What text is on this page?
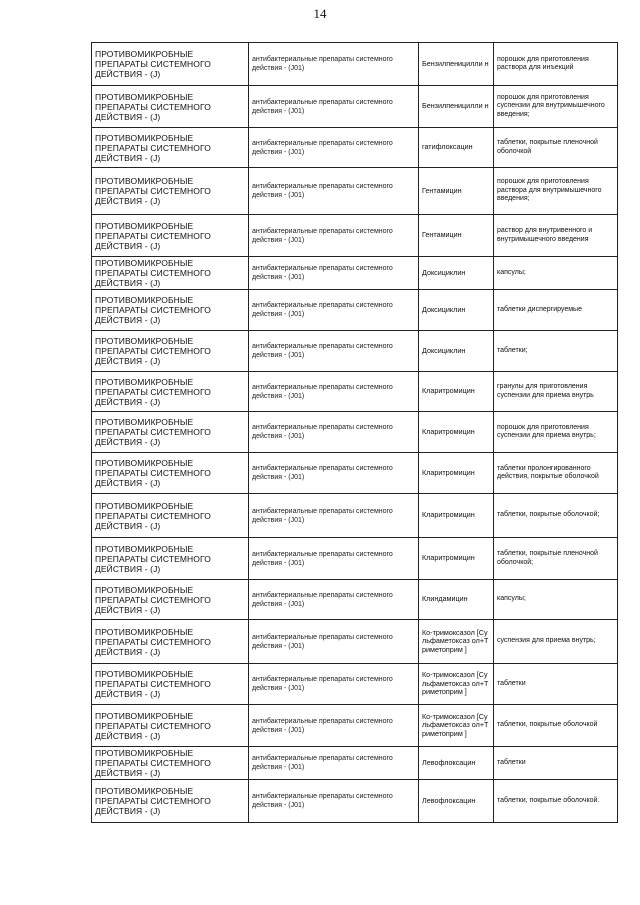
14
ПРОТИВОМИКРОБНЫЕ ПРЕПАРАТЫ СИСТЕМНОГО ДЕЙСТВИЯ - (J)	антибактериальные препараты системного действия - (J01)	Бензилпеницилли н	порошок для приготовления раствора для инъекций
ПРОТИВОМИКРОБНЫЕ ПРЕПАРАТЫ СИСТЕМНОГО ДЕЙСТВИЯ - (J)	антибактериальные препараты системного действия - (J01)	Бензилпеницилли н	порошок для приготовления суспензии для внутримышечного введения;
ПРОТИВОМИКРОБНЫЕ ПРЕПАРАТЫ СИСТЕМНОГО ДЕЙСТВИЯ - (J)	антибактериальные препараты системного действия - (J01)	гатифлоксацин	таблетки, покрытые пленочной оболочкой
ПРОТИВОМИКРОБНЫЕ ПРЕПАРАТЫ СИСТЕМНОГО ДЕЙСТВИЯ - (J)	антибактериальные препараты системного действия - (J01)	Гентамицин	порошок для приготовления раствора для внутримышечного введения;
ПРОТИВОМИКРОБНЫЕ ПРЕПАРАТЫ СИСТЕМНОГО ДЕЙСТВИЯ - (J)	антибактериальные препараты системного действия - (J01)	Гентамицин	раствор для внутривенного и внутримышечного введения
ПРОТИВОМИКРОБНЫЕ ПРЕПАРАТЫ СИСТЕМНОГО ДЕЙСТВИЯ - (J)	антибактериальные препараты системного действия - (J01)	Доксициклин	капсулы;
ПРОТИВОМИКРОБНЫЕ ПРЕПАРАТЫ СИСТЕМНОГО ДЕЙСТВИЯ - (J)	антибактериальные препараты системного действия - (J01)	Доксициклин	таблетки диспергируемые
ПРОТИВОМИКРОБНЫЕ ПРЕПАРАТЫ СИСТЕМНОГО ДЕЙСТВИЯ - (J)	антибактериальные препараты системного действия - (J01)	Доксициклин	таблетки;
ПРОТИВОМИКРОБНЫЕ ПРЕПАРАТЫ СИСТЕМНОГО ДЕЙСТВИЯ - (J)	антибактериальные препараты системного действия - (J01)	Кларитромицин	гранулы для приготовления суспензии для приема внутрь
ПРОТИВОМИКРОБНЫЕ ПРЕПАРАТЫ СИСТЕМНОГО ДЕЙСТВИЯ - (J)	антибактериальные препараты системного действия - (J01)	Кларитромицин	порошок для приготовления суспензии для приема внутрь;
ПРОТИВОМИКРОБНЫЕ ПРЕПАРАТЫ СИСТЕМНОГО ДЕЙСТВИЯ - (J)	антибактериальные препараты системного действия - (J01)	Кларитромицин	таблетки пролонгированного действия, покрытые оболочкой
ПРОТИВОМИКРОБНЫЕ ПРЕПАРАТЫ СИСТЕМНОГО ДЕЙСТВИЯ - (J)	антибактериальные препараты системного действия - (J01)	Кларитромицин	таблетки, покрытые оболочкой;
ПРОТИВОМИКРОБНЫЕ ПРЕПАРАТЫ СИСТЕМНОГО ДЕЙСТВИЯ - (J)	антибактериальные препараты системного действия - (J01)	Кларитромицин	таблетки, покрытые пленочной оболочкой;
ПРОТИВОМИКРОБНЫЕ ПРЕПАРАТЫ СИСТЕМНОГО ДЕЙСТВИЯ - (J)	антибактериальные препараты системного действия - (J01)	Клиндамицин	капсулы;
ПРОТИВОМИКРОБНЫЕ ПРЕПАРАТЫ СИСТЕМНОГО ДЕЙСТВИЯ - (J)	антибактериальные препараты системного действия - (J01)	Ко-тримоксазол [Сульфаметоксаз ол+Триметоприм ]	суспензия для приема внутрь;
ПРОТИВОМИКРОБНЫЕ ПРЕПАРАТЫ СИСТЕМНОГО ДЕЙСТВИЯ - (J)	антибактериальные препараты системного действия - (J01)	Ко-тримоксазол [Сульфаметоксаз ол+Триметоприм ]	таблетки
ПРОТИВОМИКРОБНЫЕ ПРЕПАРАТЫ СИСТЕМНОГО ДЕЙСТВИЯ - (J)	антибактериальные препараты системного действия - (J01)	Ко-тримоксазол [Сульфаметоксаз ол+Триметоприм ]	таблетки, покрытые оболочкой
ПРОТИВОМИКРОБНЫЕ ПРЕПАРАТЫ СИСТЕМНОГО ДЕЙСТВИЯ - (J)	антибактериальные препараты системного действия - (J01)	Левофлоксацин	таблетки
ПРОТИВОМИКРОБНЫЕ ПРЕПАРАТЫ СИСТЕМНОГО ДЕЙСТВИЯ - (J)	антибактериальные препараты системного действия - (J01)	Левофлоксацин	таблетки, покрытые оболочкой.
